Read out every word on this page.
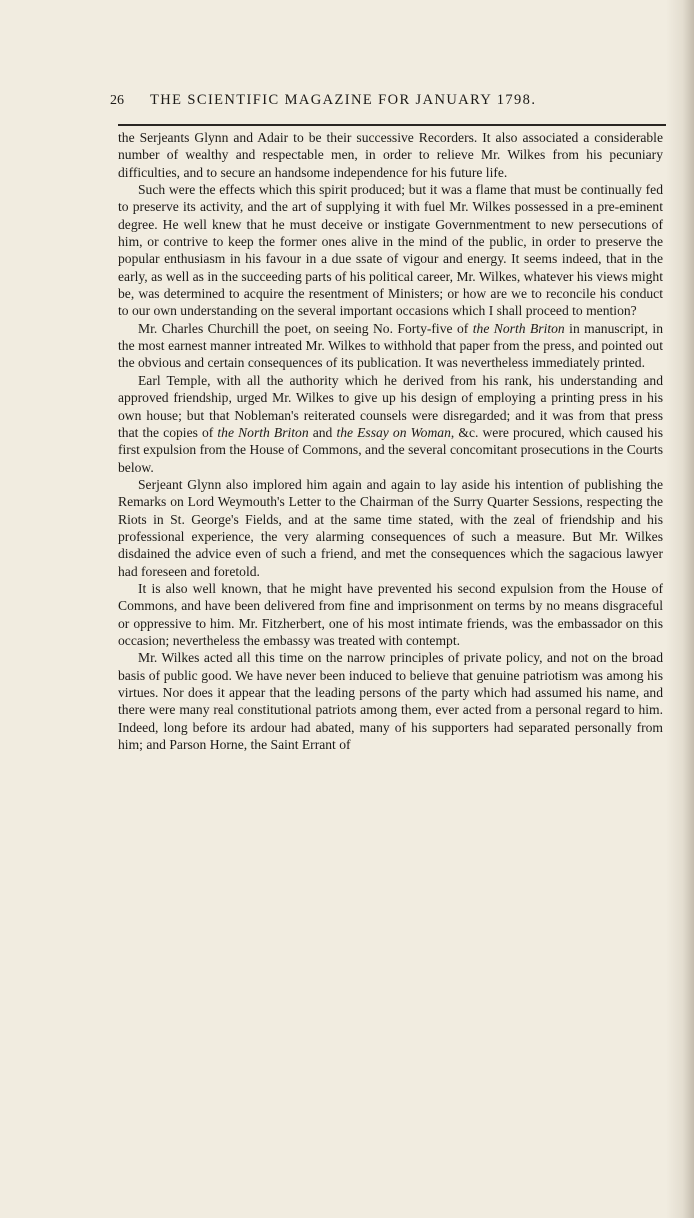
26	THE SCIENTIFIC MAGAZINE FOR JANUARY 1798.

the Serjeants Glynn and Adair to be their successive Recorders. It also associated a considerable number of wealthy and respectable men, in order to relieve Mr. Wilkes from his pecuniary difficulties, and to secure an handsome independence for his future life.

Such were the effects which this spirit produced; but it was a flame that must be continually fed to preserve its activity, and the art of supplying it with fuel Mr. Wilkes possessed in a pre-eminent degree. He well knew that he must deceive or instigate Governmentment to new persecutions of him, or contrive to keep the former ones alive in the mind of the public, in order to preserve the popular enthusiasm in his favour in a due ssate of vigour and energy. It seems indeed, that in the early, as well as in the succeeding parts of his political career, Mr. Wilkes, whatever his views might be, was determined to acquire the resentment of Ministers; or how are we to reconcile his conduct to our own understanding on the several important occasions which I shall proceed to mention?

Mr. Charles Churchill the poet, on seeing No. Forty-five of the North Briton in manuscript, in the most earnest manner intreated Mr. Wilkes to withhold that paper from the press, and pointed out the obvious and certain consequences of its publication. It was nevertheless immediately printed.

Earl Temple, with all the authority which he derived from his rank, his understanding and approved friendship, urged Mr. Wilkes to give up his design of employing a printing press in his own house; but that Nobleman's reiterated counsels were disregarded; and it was from that press that the copies of the North Briton and the Essay on Woman, &c. were procured, which caused his first expulsion from the House of Commons, and the several concomitant prosecutions in the Courts below.

Serjeant Glynn also implored him again and again to lay aside his intention of publishing the Remarks on Lord Weymouth's Letter to the Chairman of the Surry Quarter Sessions, respecting the Riots in St. George's Fields, and at the same time stated, with the zeal of friendship and his professional experience, the very alarming consequences of such a measure. But Mr. Wilkes disdained the advice even of such a friend, and met the consequences which the sagacious lawyer had foreseen and foretold.

It is also well known, that he might have prevented his second expulsion from the House of Commons, and have been delivered from fine and imprisonment on terms by no means disgraceful or oppressive to him. Mr. Fitzherbert, one of his most intimate friends, was the embassador on this occasion; nevertheless the embassy was treated with contempt.

Mr. Wilkes acted all this time on the narrow principles of private policy, and not on the broad basis of public good. We have never been induced to believe that genuine patriotism was among his virtues. Nor does it appear that the leading persons of the party which had assumed his name, and there were many real constitutional patriots among them, ever acted from a personal regard to him. Indeed, long before its ardour had abated, many of his supporters had separated personally from him; and Parson Horne, the Saint Errant of
